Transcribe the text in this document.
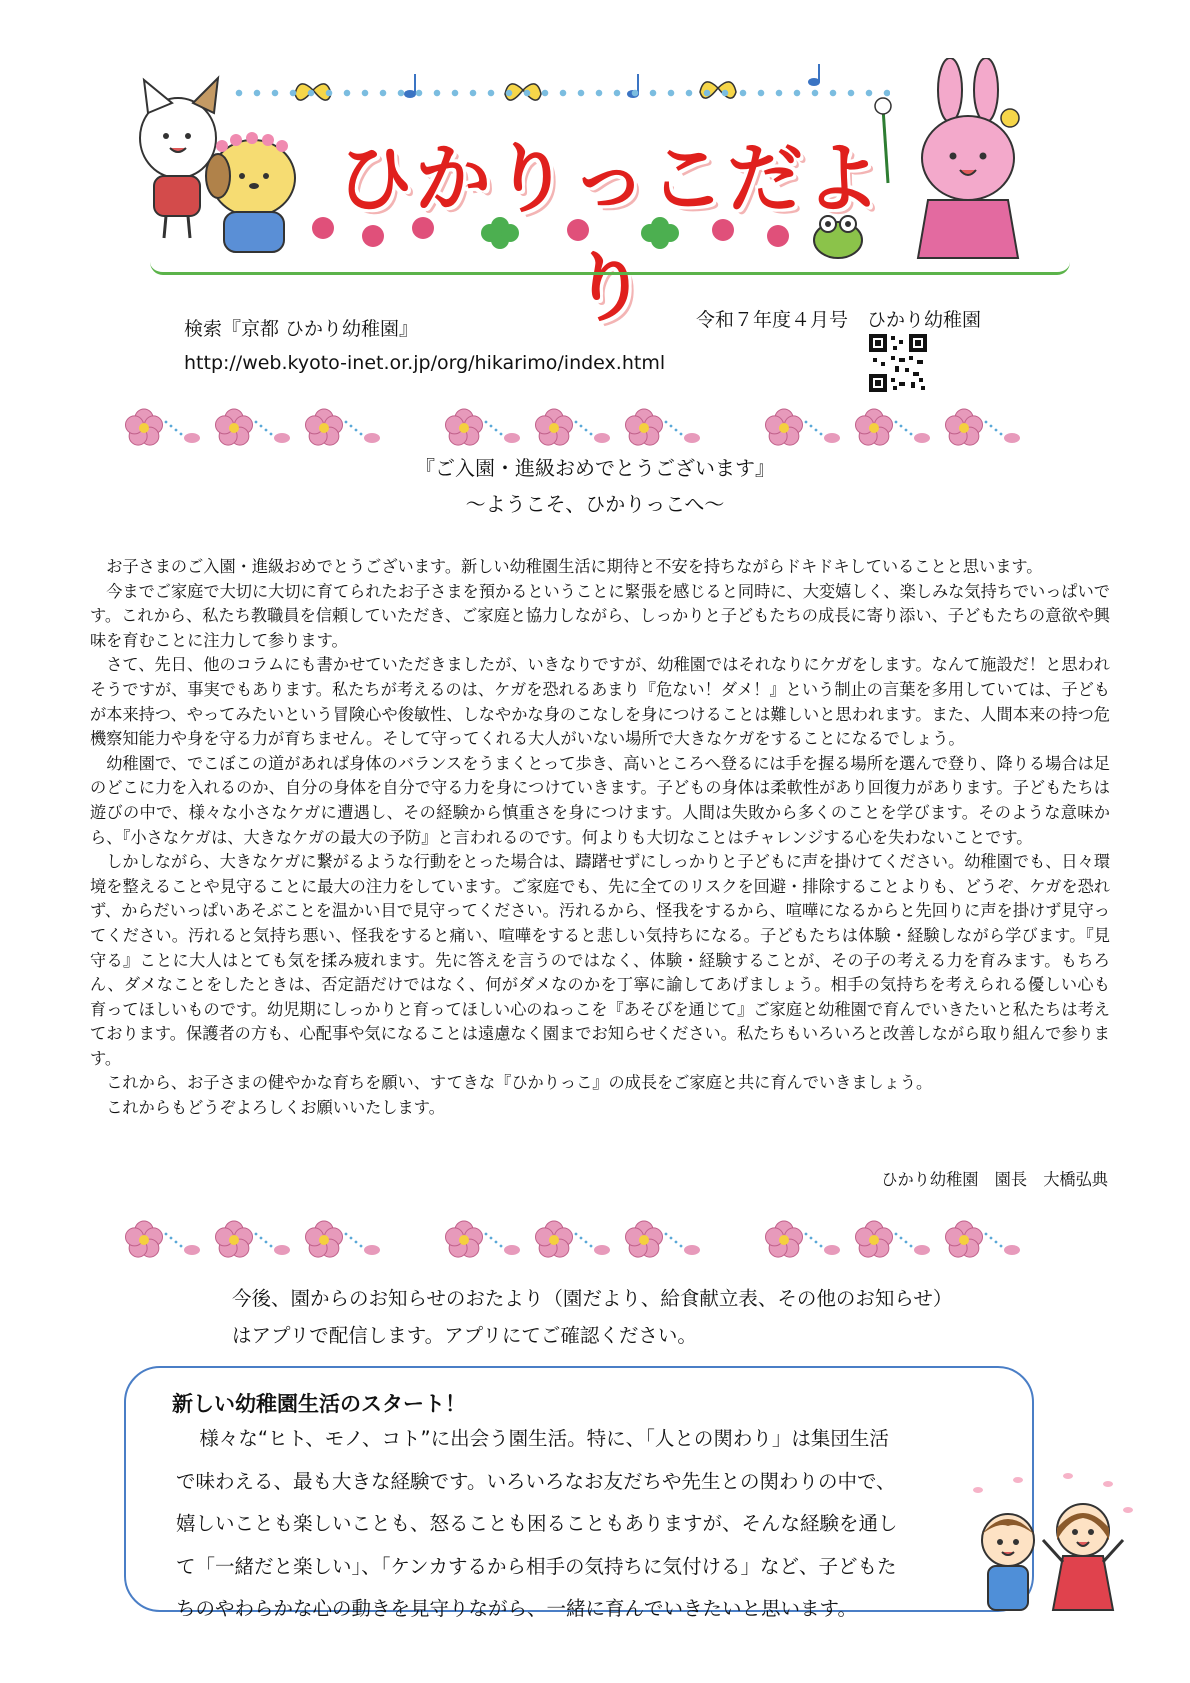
ひかりっこだより
検索『京都 ひかり幼稚園』
http://web.kyoto-inet.or.jp/org/hikarimo/index.html
令和７年度４月号　ひかり幼稚園
『ご入園・進級おめでとうございます』
～ようこそ、ひかりっこへ～

お子さまのご入園・進級おめでとうございます。新しい幼稚園生活に期待と不安を持ちながらドキドキしていることと思います。

今までご家庭で大切に大切に育てられたお子さまを預かるということに緊張を感じると同時に、大変嬉しく、楽しみな気持ちでいっぱいです。これから、私たち教職員を信頼していただき、ご家庭と協力しながら、しっかりと子どもたちの成長に寄り添い、子どもたちの意欲や興味を育むことに注力して参ります。

さて、先日、他のコラムにも書かせていただきましたが、いきなりですが、幼稚園ではそれなりにケガをします。なんて施設だ！と思われそうですが、事実でもあります。私たちが考えるのは、ケガを恐れるあまり『危ない！ダメ！』という制止の言葉を多用していては、子どもが本来持つ、やってみたいという冒険心や俊敏性、しなやかな身のこなしを身につけることは難しいと思われます。また、人間本来の持つ危機察知能力や身を守る力が育ちません。そして守ってくれる大人がいない場所で大きなケガをすることになるでしょう。

幼稚園で、でこぼこの道があれば身体のバランスをうまくとって歩き、高いところへ登るには手を握る場所を選んで登り、降りる場合は足のどこに力を入れるのか、自分の身体を自分で守る力を身につけていきます。子どもの身体は柔軟性があり回復力があります。子どもたちは遊びの中で、様々な小さなケガに遭遇し、その経験から慎重さを身につけます。人間は失敗から多くのことを学びます。そのような意味から、『小さなケガは、大きなケガの最大の予防』と言われるのです。何よりも大切なことはチャレンジする心を失わないことです。

しかしながら、大きなケガに繋がるような行動をとった場合は、躊躇せずにしっかりと子どもに声を掛けてください。幼稚園でも、日々環境を整えることや見守ることに最大の注力をしています。ご家庭でも、先に全てのリスクを回避・排除することよりも、どうぞ、ケガを恐れず、からだいっぱいあそぶことを温かい目で見守ってください。汚れるから、怪我をするから、喧嘩になるからと先回りに声を掛けず見守ってください。汚れると気持ち悪い、怪我をすると痛い、喧嘩をすると悲しい気持ちになる。子どもたちは体験・経験しながら学びます。『見守る』ことに大人はとても気を揉み疲れます。先に答えを言うのではなく、体験・経験することが、その子の考える力を育みます。もちろん、ダメなことをしたときは、否定語だけではなく、何がダメなのかを丁寧に諭してあげましょう。相手の気持ちを考えられる優しい心も育ってほしいものです。幼児期にしっかりと育ってほしい心のねっこを『あそびを通じて』ご家庭と幼稚園で育んでいきたいと私たちは考えております。保護者の方も、心配事や気になることは遠慮なく園までお知らせください。私たちもいろいろと改善しながら取り組んで参ります。

これから、お子さまの健やかな育ちを願い、すてきな『ひかりっこ』の成長をご家庭と共に育んでいきましょう。

これからもどうぞよろしくお願いいたします。

ひかり幼稚園　園長　大橋弘典
今後、園からのお知らせのおたより（園だより、給食献立表、その他のお知らせ）
はアプリで配信します。アプリにてご確認ください。
新しい幼稚園生活のスタート！
様々な“ヒト、モノ、コト”に出会う園生活。特に、「人との関わり」は集団生活
で味わえる、最も大きな経験です。いろいろなお友だちや先生との関わりの中で、
嬉しいことも楽しいことも、怒ることも困ることもありますが、そんな経験を通し
て「一緒だと楽しい」、「ケンカするから相手の気持ちに気付ける」など、子どもた
ちのやわらかな心の動きを見守りながら、一緒に育んでいきたいと思います。
